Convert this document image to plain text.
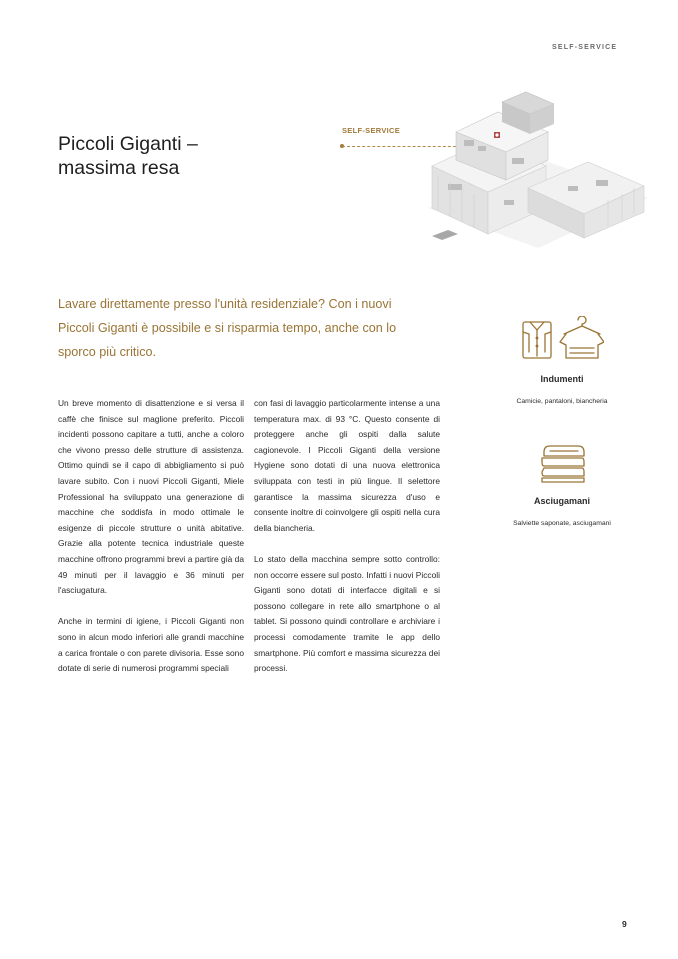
SELF-SERVICE
Piccoli Giganti –
massima resa
SELF-SERVICE
Lavare direttamente presso l'unità residenziale? Con i nuovi Piccoli Giganti è possibile e si risparmia tempo, anche con lo sporco più critico.

Un breve momento di disattenzione e si versa il caffè che finisce sul maglione preferito. Piccoli incidenti possono capitare a tutti, anche a coloro che vivono presso delle strutture di assistenza. Ottimo quindi se il capo di abbigliamento si può lavare subito. Con i nuovi Piccoli Giganti, Miele Professional ha sviluppato una generazione di macchine che soddisfa in modo ottimale le esigenze di piccole strutture o unità abitative. Grazie alla potente tecnica industriale queste macchine offrono programmi brevi a partire già da 49 minuti per il lavaggio e 36 minuti per l'asciugatura.

Anche in termini di igiene, i Piccoli Giganti non sono in alcun modo inferiori alle grandi macchine a carica frontale o con parete divisoria. Esse sono dotate di serie di numerosi programmi speciali

con fasi di lavaggio particolarmente intense a una temperatura max. di 93 °C. Questo consente di proteggere anche gli ospiti dalla salute cagionevole. I Piccoli Giganti della versione Hygiene sono dotati di una nuova elettronica sviluppata con testi in più lingue. Il selettore garantisce la massima sicurezza d'uso e consente inoltre di coinvolgere gli ospiti nella cura della biancheria.

Lo stato della macchina sempre sotto controllo: non occorre essere sul posto. Infatti i nuovi Piccoli Giganti sono dotati di interfacce digitali e si possono collegare in rete allo smartphone o al tablet. Si possono quindi controllare e archiviare i processi comodamente tramite le app dello smartphone. Più comfort e massima sicurezza dei processi.

Indumenti
Camicie, pantaloni, biancheria
Asciugamani
Salviette saponate, asciugamani
9
